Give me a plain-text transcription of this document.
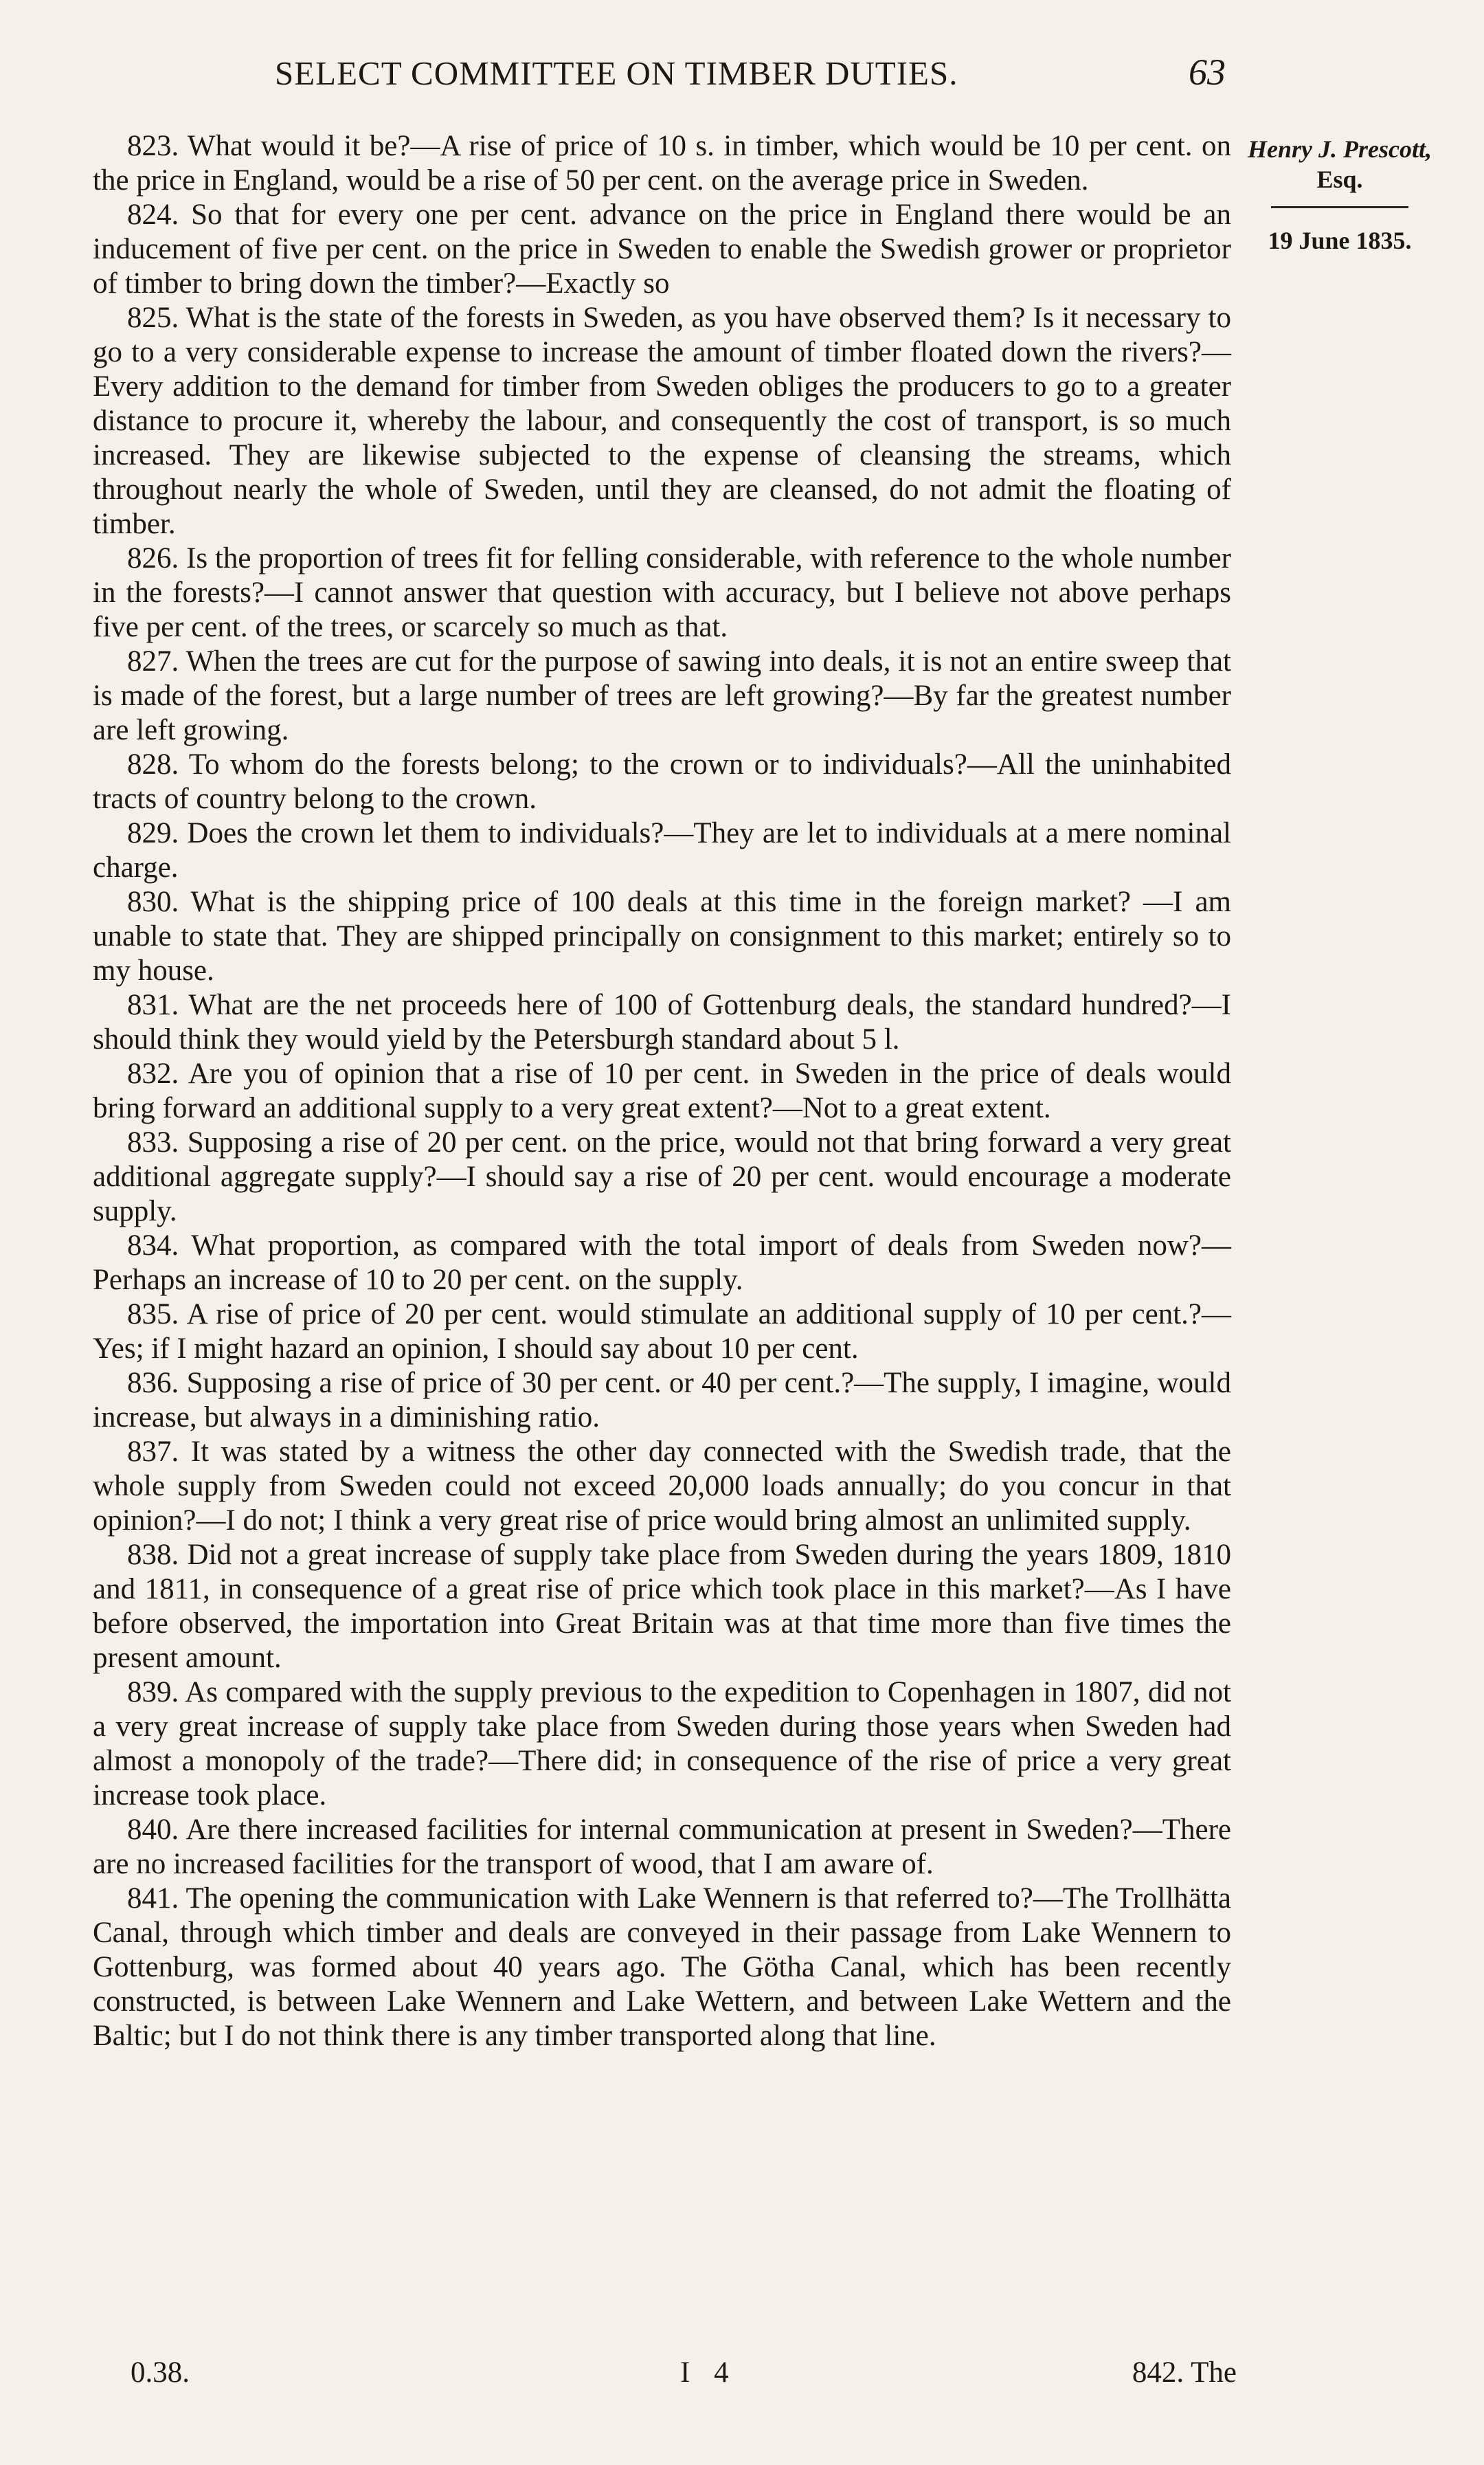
SELECT COMMITTEE ON TIMBER DUTIES.	63
Henry J. Prescott,
Esq.
19 June 1835.

823. What would it be?—A rise of price of 10 s. in timber, which would be 10 per cent. on the price in England, would be a rise of 50 per cent. on the average price in Sweden.

824. So that for every one per cent. advance on the price in England there would be an inducement of five per cent. on the price in Sweden to enable the Swedish grower or proprietor of timber to bring down the timber?—Exactly so

825. What is the state of the forests in Sweden, as you have observed them? Is it necessary to go to a very considerable expense to increase the amount of timber floated down the rivers?—Every addition to the demand for timber from Sweden obliges the producers to go to a greater distance to procure it, whereby the labour, and consequently the cost of transport, is so much increased. They are likewise subjected to the expense of cleansing the streams, which throughout nearly the whole of Sweden, until they are cleansed, do not admit the floating of timber.

826. Is the proportion of trees fit for felling considerable, with reference to the whole number in the forests?—I cannot answer that question with accuracy, but I believe not above perhaps five per cent. of the trees, or scarcely so much as that.

827. When the trees are cut for the purpose of sawing into deals, it is not an entire sweep that is made of the forest, but a large number of trees are left growing?—By far the greatest number are left growing.

828. To whom do the forests belong; to the crown or to individuals?—All the uninhabited tracts of country belong to the crown.

829. Does the crown let them to individuals?—They are let to individuals at a mere nominal charge.

830. What is the shipping price of 100 deals at this time in the foreign market? —I am unable to state that. They are shipped principally on consignment to this market; entirely so to my house.

831. What are the net proceeds here of 100 of Gottenburg deals, the standard hundred?—I should think they would yield by the Petersburgh standard about 5 l.

832. Are you of opinion that a rise of 10 per cent. in Sweden in the price of deals would bring forward an additional supply to a very great extent?—Not to a great extent.

833. Supposing a rise of 20 per cent. on the price, would not that bring forward a very great additional aggregate supply?—I should say a rise of 20 per cent. would encourage a moderate supply.

834. What proportion, as compared with the total import of deals from Sweden now?—Perhaps an increase of 10 to 20 per cent. on the supply.

835. A rise of price of 20 per cent. would stimulate an additional supply of 10 per cent.?—Yes; if I might hazard an opinion, I should say about 10 per cent.

836. Supposing a rise of price of 30 per cent. or 40 per cent.?—The supply, I imagine, would increase, but always in a diminishing ratio.

837. It was stated by a witness the other day connected with the Swedish trade, that the whole supply from Sweden could not exceed 20,000 loads annually; do you concur in that opinion?—I do not; I think a very great rise of price would bring almost an unlimited supply.

838. Did not a great increase of supply take place from Sweden during the years 1809, 1810 and 1811, in consequence of a great rise of price which took place in this market?—As I have before observed, the importation into Great Britain was at that time more than five times the present amount.

839. As compared with the supply previous to the expedition to Copenhagen in 1807, did not a very great increase of supply take place from Sweden during those years when Sweden had almost a monopoly of the trade?—There did; in consequence of the rise of price a very great increase took place.

840. Are there increased facilities for internal communication at present in Sweden?—There are no increased facilities for the transport of wood, that I am aware of.

841. The opening the communication with Lake Wennern is that referred to?—The Trollhätta Canal, through which timber and deals are conveyed in their passage from Lake Wennern to Gottenburg, was formed about 40 years ago. The Götha Canal, which has been recently constructed, is between Lake Wennern and Lake Wettern, and between Lake Wettern and the Baltic; but I do not think there is any timber transported along that line.

0.38.	I 4	842. The
